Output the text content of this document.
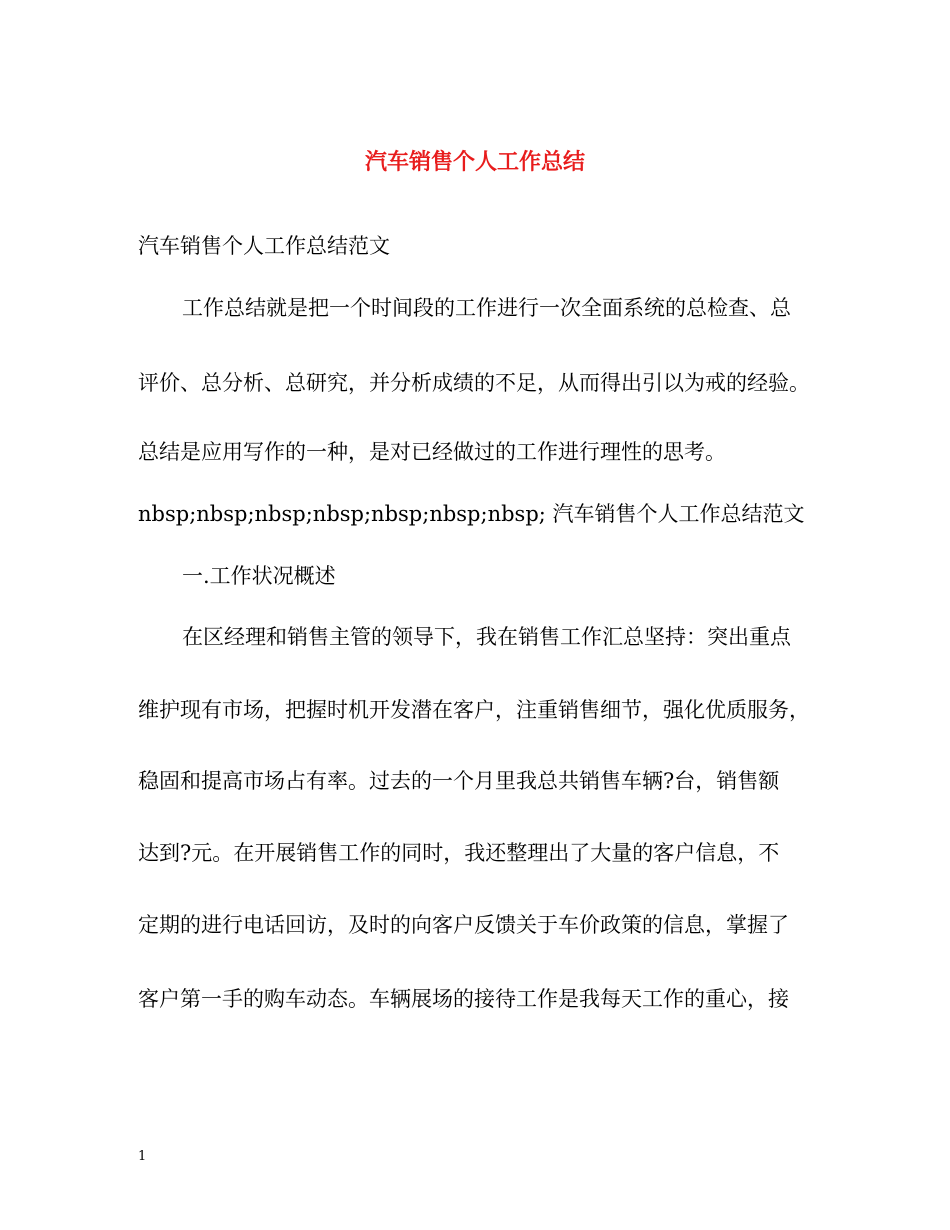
汽车销售个人工作总结

汽车销售个人工作总结范文

工作总结就是把一个时间段的工作进行一次全面系统的总检查、总

评价、总分析、总研究，并分析成绩的不足，从而得出引以为戒的经验。

总结是应用写作的一种，是对已经做过的工作进行理性的思考。

nbsp;nbsp;nbsp;nbsp;nbsp;nbsp;nbsp; 汽车销售个人工作总结范文

一.工作状况概述

在区经理和销售主管的领导下，我在销售工作汇总坚持：突出重点

维护现有市场，把握时机开发潜在客户，注重销售细节，强化优质服务，

稳固和提高市场占有率。过去的一个月里我总共销售车辆?台，销售额

达到?元。在开展销售工作的同时，我还整理出了大量的客户信息，不

定期的进行电话回访，及时的向客户反馈关于车价政策的信息，掌握了

客户第一手的购车动态。车辆展场的接待工作是我每天工作的重心，接

1
